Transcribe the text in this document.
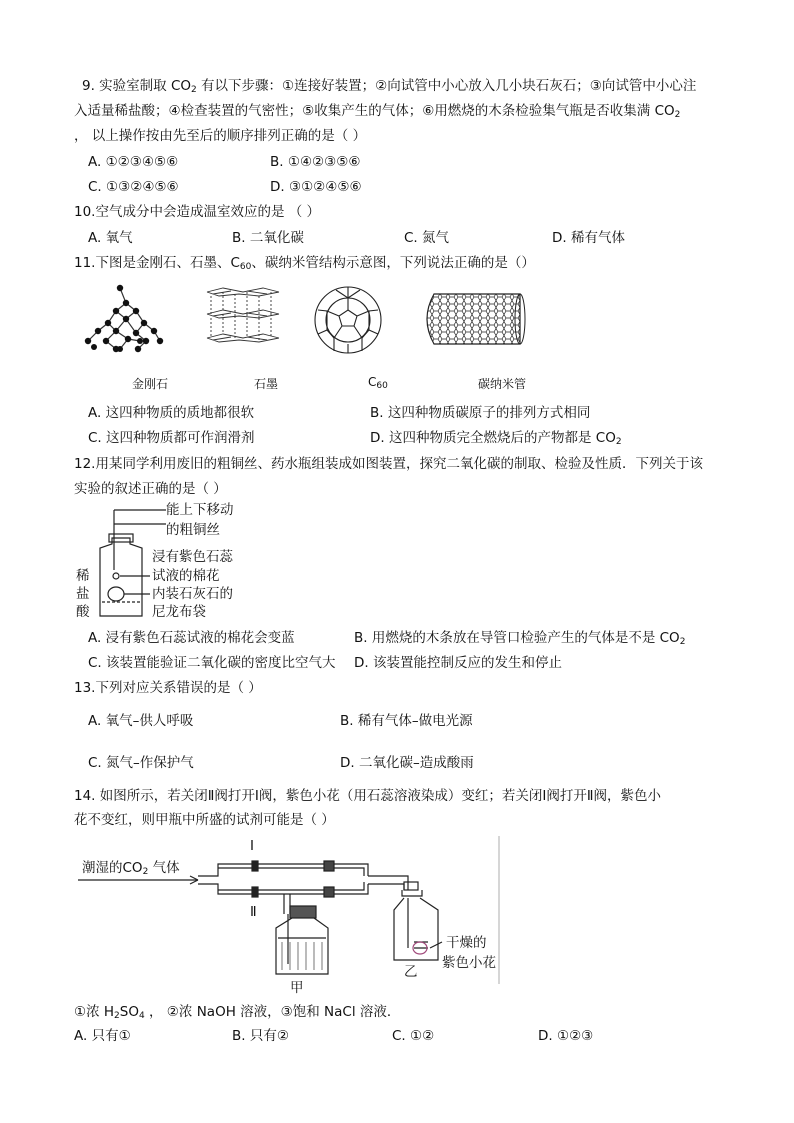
9. 实验室制取 $CO_2$ 有以下步骤：①连接好装置；②向试管中小心放入几小块石灰石；③向试管中小心注
入适量稀盐酸；④检查装置的气密性；⑤收集产生的气体；⑥用燃烧的木条检验集气瓶是否收集满 $CO_2$
， 以上操作按由先至后的顺序排列正确的是（ ）
A. ①②③④⑤⑥	B. ①④②③⑤⑥
C. ①③②④⑤⑥	D. ③①②④⑤⑥
10.空气成分中会造成温室效应的是 （ ）
A. 氧气	B. 二氧化碳	C. 氮气	D. 稀有气体
11.下图是金刚石、石墨、$C_{60}$、碳纳米管结构示意图，下列说法正确的是（）
金刚石	石墨	$C_{60}$	碳纳米管
A. 这四种物质的质地都很软	B. 这四种物质碳原子的排列方式相同
C. 这四种物质都可作润滑剂	D. 这四种物质完全燃烧后的产物都是 $CO_2$
12.用某同学利用废旧的粗铜丝、药水瓶组装成如图装置，探究二氧化碳的制取、检验及性质．下列关于该
实验的叙述正确的是（ ）
能上下移动
的粗铜丝
浸有紫色石蕊
试液的棉花
内装石灰石的
尼龙布袋
稀
盐
酸
A. 浸有紫色石蕊试液的棉花会变蓝	B. 用燃烧的木条放在导管口检验产生的气体是不是 $CO_2$
C. 该装置能验证二氧化碳的密度比空气大 D. 该装置能控制反应的发生和停止
13.下列对应关系错误的是（ ）
A. 氧气–供人呼吸	B. 稀有气体–做电光源
C. 氮气–作保护气	D. 二氧化碳–造成酸雨
14. 如图所示，若关闭Ⅱ阀打开Ⅰ阀，紫色小花（用石蕊溶液染成）变红；若关闭Ⅰ阀打开Ⅱ阀，紫色小
花不变红，则甲瓶中所盛的试剂可能是（ ）
潮湿的$CO_2$ 气体
Ⅰ
Ⅱ
甲
乙
干燥的
紫色小花
①浓 $H_2SO_4$ ， ②浓 NaOH 溶液，③饱和 NaCl 溶液．
A. 只有①	B. 只有②	C. ①②	D. ①②③
